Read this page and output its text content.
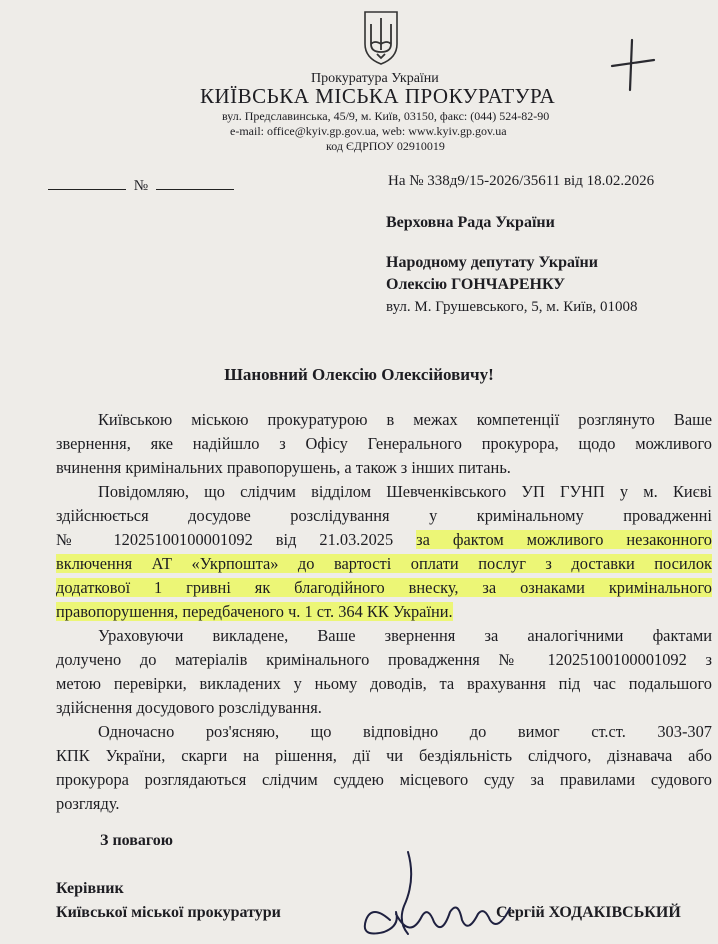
Прокуратура України
КИЇВСЬКА МІСЬКА ПРОКУРАТУРА
вул. Предславинська, 45/9, м. Київ, 03150, факс: (044) 524-82-90
e-mail: office@kyiv.gp.gov.ua, web: www.kyiv.gp.gov.ua
код ЄДРПОУ 02910019
№	На № 338д9/15-2026/35611 від 18.02.2026
Верховна Рада України
Народному депутату України
Олексію ГОНЧАРЕНКУ
вул. М. Грушевського, 5, м. Київ, 01008
Шановний Олексію Олексійовичу!
Київською міською прокуратурою в межах компетенції розглянуто Ваше
звернення, яке надійшло з Офісу Генерального прокурора, щодо можливого
вчинення кримінальних правопорушень, а також з інших питань.
Повідомляю, що слідчим відділом Шевченківського УП ГУНП у м. Києві
здійснюється досудове розслідування у кримінальному провадженні
№ 12025100100001092 від 21.03.2025 за фактом можливого незаконного
включення АТ «Укрпошта» до вартості оплати послуг з доставки посилок
додаткової 1 гривні як благодійного внеску, за ознаками кримінального
правопорушення, передбаченого ч. 1 ст. 364 КК України.
Ураховуючи викладене, Ваше звернення за аналогічними фактами
долучено до матеріалів кримінального провадження № 12025100100001092 з
метою перевірки, викладених у ньому доводів, та врахування під час подальшого
здійснення досудового розслідування.
Одночасно роз'ясняю, що відповідно до вимог ст.ст. 303-307
КПК України, скарги на рішення, дії чи бездіяльність слідчого, дізнавача або
прокурора розглядаються слідчим суддею місцевого суду за правилами судового
розгляду.
З повагою
Керівник
Київської міської прокуратури	Сергій ХОДАКІВСЬКИЙ
